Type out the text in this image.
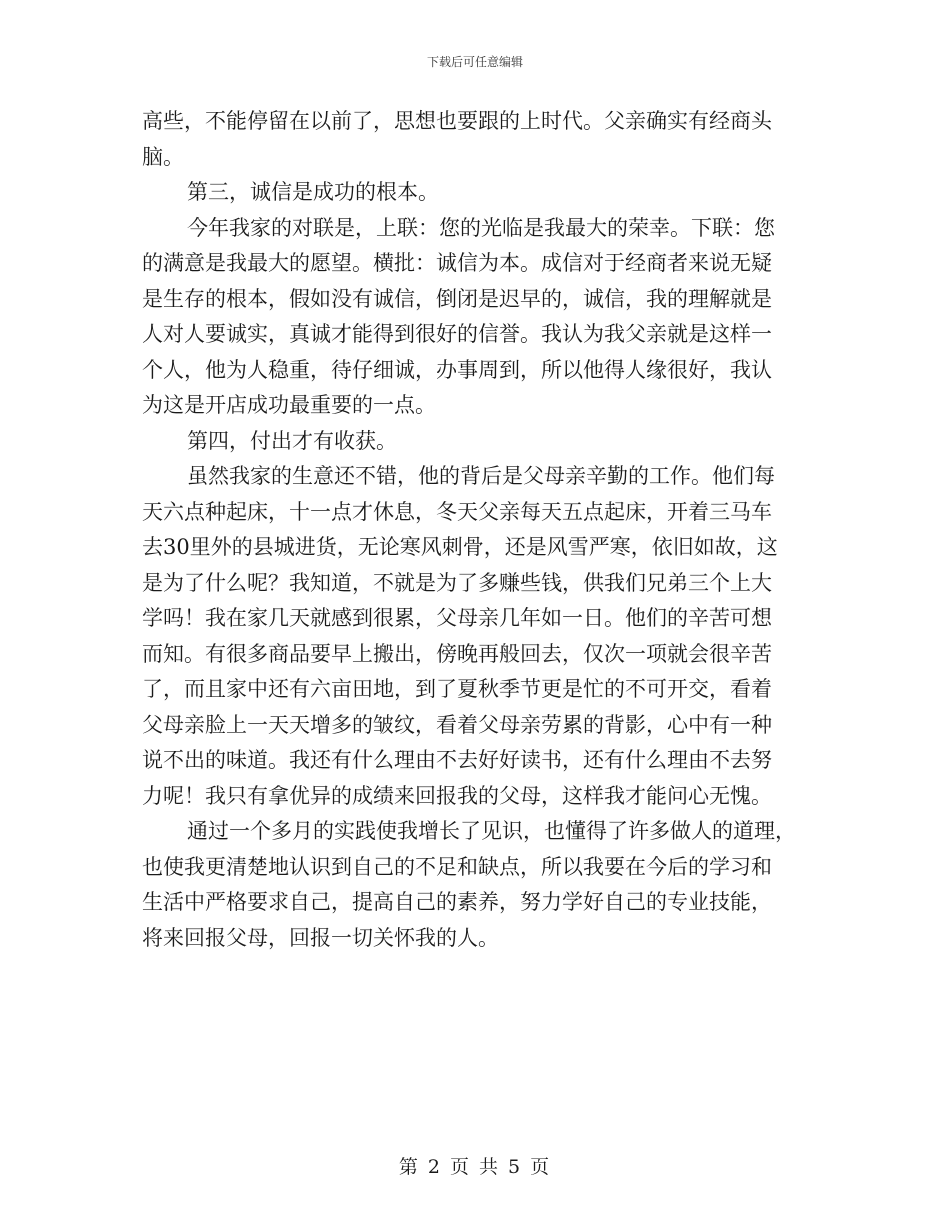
下载后可任意编辑
高些，不能停留在以前了，思想也要跟的上时代。父亲确实有经商头
脑。
第三，诚信是成功的根本。
今年我家的对联是，上联：您的光临是我最大的荣幸。下联：您
的满意是我最大的愿望。横批：诚信为本。成信对于经商者来说无疑
是生存的根本，假如没有诚信，倒闭是迟早的，诚信，我的理解就是
人对人要诚实，真诚才能得到很好的信誉。我认为我父亲就是这样一
个人，他为人稳重，待仔细诚，办事周到，所以他得人缘很好，我认
为这是开店成功最重要的一点。
第四，付出才有收获。
虽然我家的生意还不错，他的背后是父母亲辛勤的工作。他们每
天六点种起床，十一点才休息，冬天父亲每天五点起床，开着三马车
去30里外的县城进货，无论寒风刺骨，还是风雪严寒，依旧如故，这
是为了什么呢？我知道，不就是为了多赚些钱，供我们兄弟三个上大
学吗！我在家几天就感到很累，父母亲几年如一日。他们的辛苦可想
而知。有很多商品要早上搬出，傍晚再般回去，仅次一项就会很辛苦
了，而且家中还有六亩田地，到了夏秋季节更是忙的不可开交，看着
父母亲脸上一天天增多的皱纹，看着父母亲劳累的背影，心中有一种
说不出的味道。我还有什么理由不去好好读书，还有什么理由不去努
力呢！我只有拿优异的成绩来回报我的父母，这样我才能问心无愧。
通过一个多月的实践使我增长了见识，也懂得了许多做人的道理，
也使我更清楚地认识到自己的不足和缺点，所以我要在今后的学习和
生活中严格要求自己，提高自己的素养，努力学好自己的专业技能，
将来回报父母，回报一切关怀我的人。
第 2 页 共 5 页
